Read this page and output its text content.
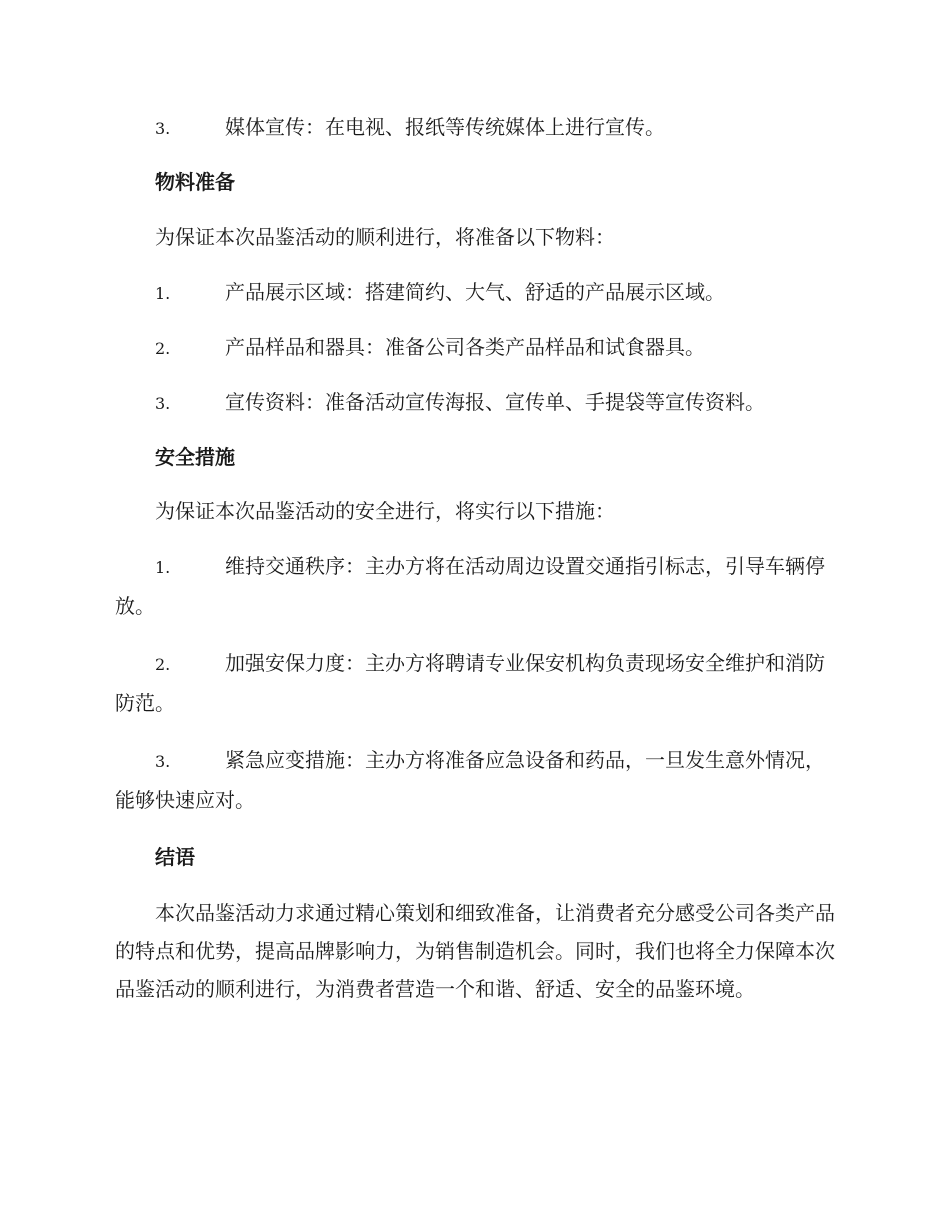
3.	媒体宣传：在电视、报纸等传统媒体上进行宣传。
物料准备
为保证本次品鉴活动的顺利进行，将准备以下物料：
1.	产品展示区域：搭建简约、大气、舒适的产品展示区域。
2.	产品样品和器具：准备公司各类产品样品和试食器具。
3.	宣传资料：准备活动宣传海报、宣传单、手提袋等宣传资料。
安全措施
为保证本次品鉴活动的安全进行，将实行以下措施：
1.	维持交通秩序：主办方将在活动周边设置交通指引标志，引导车辆停放。
2.	加强安保力度：主办方将聘请专业保安机构负责现场安全维护和消防防范。
3.	紧急应变措施：主办方将准备应急设备和药品，一旦发生意外情况，能够快速应对。
结语
本次品鉴活动力求通过精心策划和细致准备，让消费者充分感受公司各类产品的特点和优势，提高品牌影响力，为销售制造机会。同时，我们也将全力保障本次品鉴活动的顺利进行，为消费者营造一个和谐、舒适、安全的品鉴环境。
